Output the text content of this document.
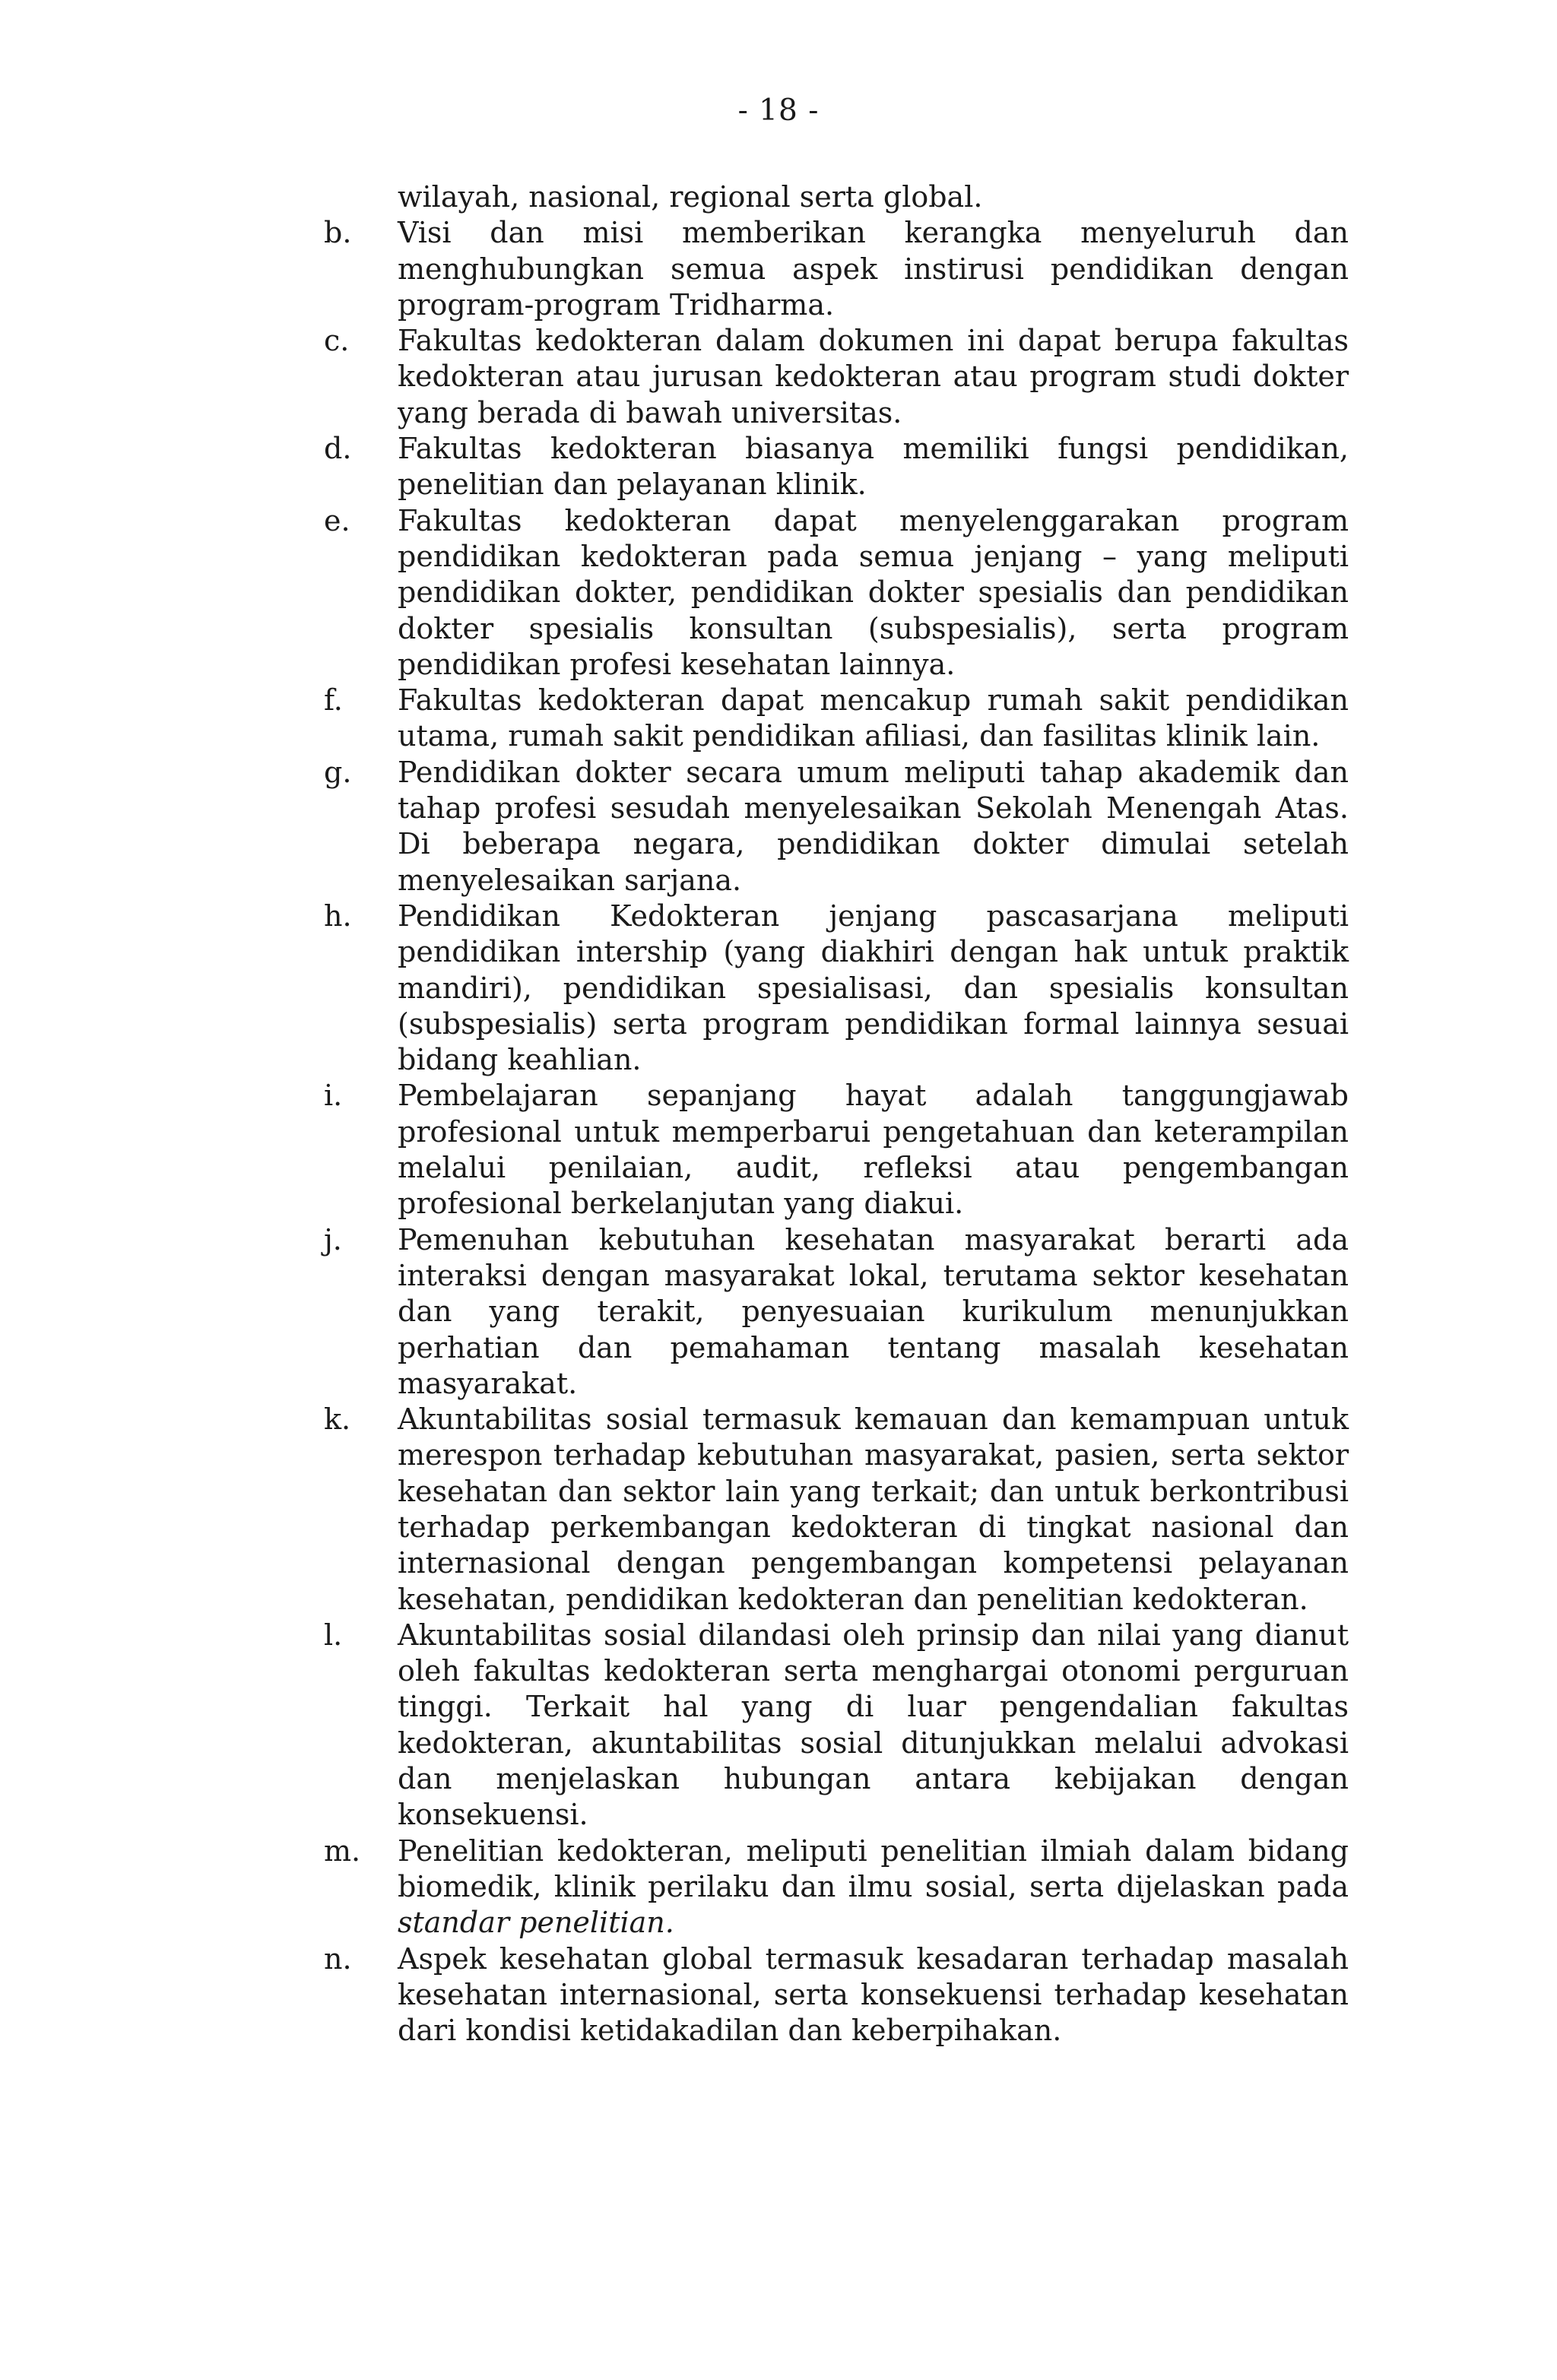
- 18 -
wilayah, nasional, regional serta global.
b.	Visi dan misi memberikan kerangka menyeluruh dan menghubungkan semua aspek instirusi pendidikan dengan program-program Tridharma.
c.	Fakultas kedokteran dalam dokumen ini dapat berupa fakultas kedokteran atau jurusan kedokteran atau program studi dokter yang berada di bawah universitas.
d.	Fakultas kedokteran biasanya memiliki fungsi pendidikan, penelitian dan pelayanan klinik.
e.	Fakultas kedokteran dapat menyelenggarakan program pendidikan kedokteran pada semua jenjang – yang meliputi pendidikan dokter, pendidikan dokter spesialis dan pendidikan dokter spesialis konsultan (subspesialis), serta program pendidikan profesi kesehatan lainnya.
f.	Fakultas kedokteran dapat mencakup rumah sakit pendidikan utama, rumah sakit pendidikan afiliasi, dan fasilitas klinik lain.
g.	Pendidikan dokter secara umum meliputi tahap akademik dan tahap profesi sesudah menyelesaikan Sekolah Menengah Atas. Di beberapa negara, pendidikan dokter dimulai setelah menyelesaikan sarjana.
h.	Pendidikan Kedokteran jenjang pascasarjana meliputi pendidikan intership (yang diakhiri dengan hak untuk praktik mandiri), pendidikan spesialisasi, dan spesialis konsultan (subspesialis) serta program pendidikan formal lainnya sesuai bidang keahlian.
i.	Pembelajaran sepanjang hayat adalah tanggungjawab profesional untuk memperbarui pengetahuan dan keterampilan melalui penilaian, audit, refleksi atau pengembangan profesional berkelanjutan yang diakui.
j.	Pemenuhan kebutuhan kesehatan masyarakat berarti ada interaksi dengan masyarakat lokal, terutama sektor kesehatan dan yang terakit, penyesuaian kurikulum menunjukkan perhatian dan pemahaman tentang masalah kesehatan masyarakat.
k.	Akuntabilitas sosial termasuk kemauan dan kemampuan untuk merespon terhadap kebutuhan masyarakat, pasien, serta sektor kesehatan dan sektor lain yang terkait; dan untuk berkontribusi terhadap perkembangan kedokteran di tingkat nasional dan internasional dengan pengembangan kompetensi pelayanan kesehatan, pendidikan kedokteran dan penelitian kedokteran.
l.	Akuntabilitas sosial dilandasi oleh prinsip dan nilai yang dianut oleh fakultas kedokteran serta menghargai otonomi perguruan tinggi. Terkait hal yang di luar pengendalian fakultas kedokteran, akuntabilitas sosial ditunjukkan melalui advokasi dan menjelaskan hubungan antara kebijakan dengan konsekuensi.
m.	Penelitian kedokteran, meliputi penelitian ilmiah dalam bidang biomedik, klinik perilaku dan ilmu sosial, serta dijelaskan pada standar penelitian.
n.	Aspek kesehatan global termasuk kesadaran terhadap masalah kesehatan internasional, serta konsekuensi terhadap kesehatan dari kondisi ketidakadilan dan keberpihakan.
